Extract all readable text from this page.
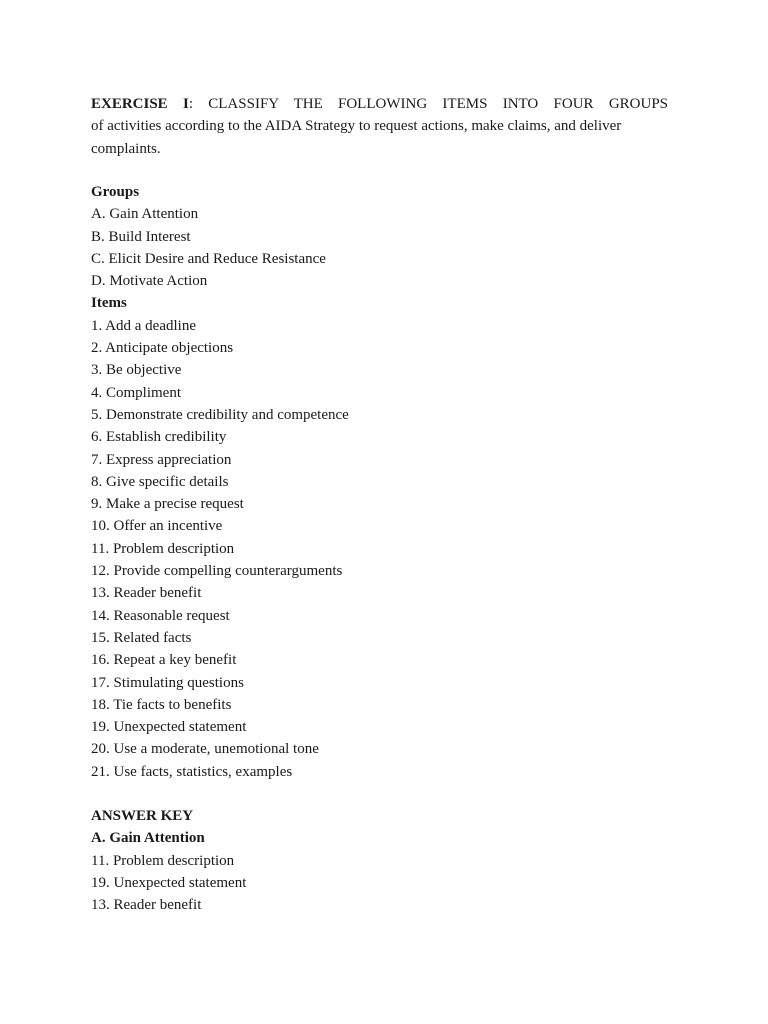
EXERCISE I: CLASSIFY THE FOLLOWING ITEMS INTO FOUR GROUPS
of activities according to the AIDA Strategy to request actions, make claims, and deliver complaints.
Groups
A. Gain Attention
B. Build Interest
C. Elicit Desire and Reduce Resistance
D. Motivate Action
Items
1. Add a deadline
2. Anticipate objections
3. Be objective
4. Compliment
5. Demonstrate credibility and competence
6. Establish credibility
7. Express appreciation
8. Give specific details
9. Make a precise request
10. Offer an incentive
11. Problem description
12. Provide compelling counterarguments
13. Reader benefit
14. Reasonable request
15. Related facts
16. Repeat a key benefit
17. Stimulating questions
18. Tie facts to benefits
19. Unexpected statement
20. Use a moderate, unemotional tone
21. Use facts, statistics, examples
ANSWER KEY
A. Gain Attention
11. Problem description
19. Unexpected statement
13. Reader benefit
